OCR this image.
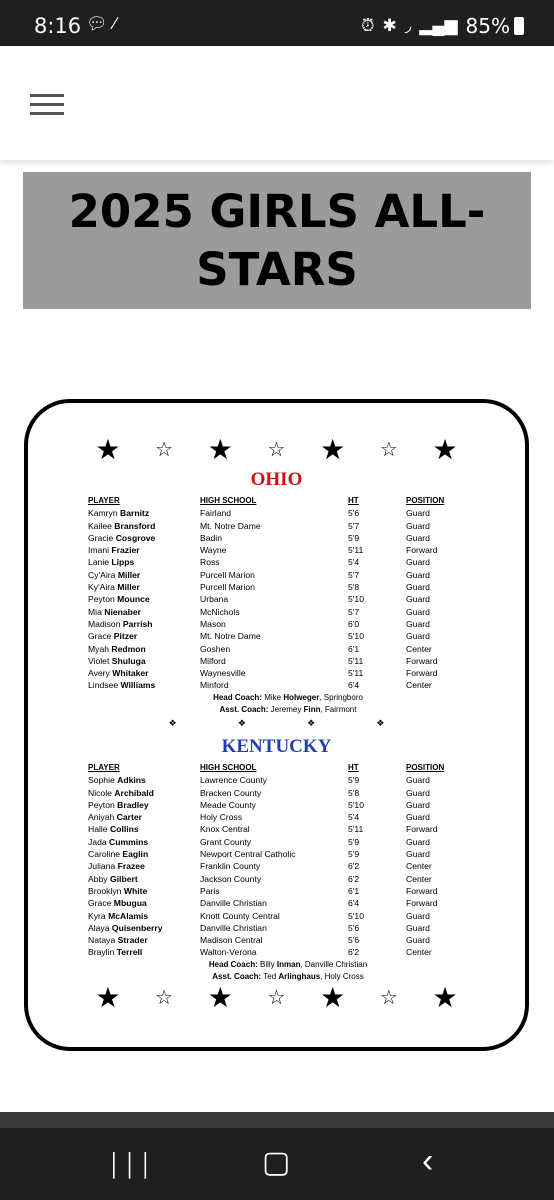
8:16 💬︎∕	⏰︎ ✱ ◞ ▂▄▆ 85%
2025 GIRLS ALL-STARS
★ ☆ ★ ☆ ★ ☆ ★
OHIO
PLAYER	HIGH SCHOOL	HT	POSITION
Kamryn Barnitz	Fairland	5'6	Guard
Kailee Bransford	Mt. Notre Dame	5'7	Guard
Gracie Cosgrove	Badin	5'9	Guard
Imani Frazier	Wayne	5'11	Forward
Lanie Lipps	Ross	5'4	Guard
Cy'Aira Miller	Purcell Marion	5'7	Guard
Ky'Aira Miller	Purcell Marion	5'8	Guard
Peyton Mounce	Urbana	5'10	Guard
Mia Nienaber	McNichols	5'7	Guard
Madison Parrish	Mason	6'0	Guard
Grace Pitzer	Mt. Notre Dame	5'10	Guard
Myah Redmon	Goshen	6'1	Center
Violet Shuluga	Milford	5'11	Forward
Avery Whitaker	Waynesville	5'11	Forward
Lindsee Williams	Minford	6'4	Center
Head Coach: Mike Holweger, Springboro
Asst. Coach: Jeremey Finn, Fairmont
❖	❖	❖	❖
KENTUCKY
PLAYER	HIGH SCHOOL	HT	POSITION
Sophie Adkins	Lawrence County	5'9	Guard
Nicole Archibald	Bracken County	5'8	Guard
Peyton Bradley	Meade County	5'10	Guard
Aniyah Carter	Holy Cross	5'4	Guard
Halle Collins	Knox Central	5'11	Forward
Jada Cummins	Grant County	5'9	Guard
Caroline Eaglin	Newport Central Catholic	5'9	Guard
Juliana Frazee	Franklin County	6'2	Center
Abby Gilbert	Jackson County	6'2	Center
Brooklyn White	Paris	6'1	Forward
Grace Mbugua	Danville Christian	6'4	Forward
Kyra McAlamis	Knott County Central	5'10	Guard
Alaya Quisenberry	Danville Christian	5'6	Guard
Nataya Strader	Madison Central	5'6	Guard
Braylin Terrell	Walton-Verona	6'2	Center
Head Coach: Billy Inman, Danville Christian
Asst. Coach: Ted Arlinghaus, Holy Cross
★ ☆ ★ ☆ ★ ☆ ★
│││	▢	‹
